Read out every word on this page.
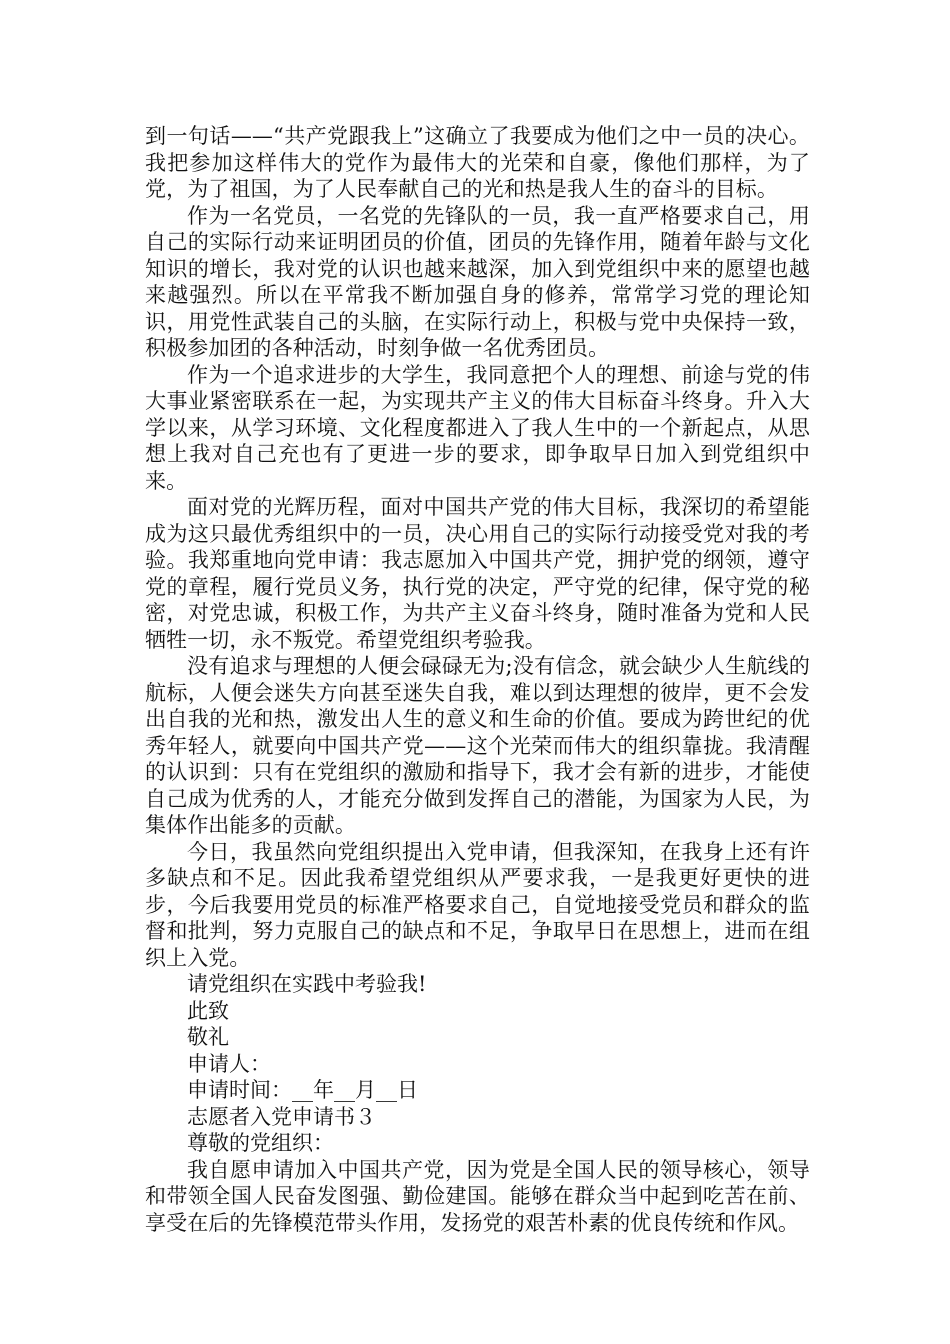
到一句话——“共产党跟我上”这确立了我要成为他们之中一员的决心。我把参加这样伟大的党作为最伟大的光荣和自豪，像他们那样，为了党，为了祖国，为了人民奉献自己的光和热是我人生的奋斗的目标。

作为一名党员，一名党的先锋队的一员，我一直严格要求自己，用自己的实际行动来证明团员的价值，团员的先锋作用，随着年龄与文化知识的增长，我对党的认识也越来越深，加入到党组织中来的愿望也越来越强烈。所以在平常我不断加强自身的修养，常常学习党的理论知识，用党性武装自己的头脑，在实际行动上，积极与党中央保持一致，积极参加团的各种活动，时刻争做一名优秀团员。

作为一个追求进步的大学生，我同意把个人的理想、前途与党的伟大事业紧密联系在一起，为实现共产主义的伟大目标奋斗终身。升入大学以来，从学习环境、文化程度都进入了我人生中的一个新起点，从思想上我对自己充也有了更进一步的要求，即争取早日加入到党组织中来。

面对党的光辉历程，面对中国共产党的伟大目标，我深切的希望能成为这只最优秀组织中的一员，决心用自己的实际行动接受党对我的考验。我郑重地向党申请：我志愿加入中国共产党，拥护党的纲领，遵守党的章程，履行党员义务，执行党的决定，严守党的纪律，保守党的秘密，对党忠诚，积极工作，为共产主义奋斗终身，随时准备为党和人民牺牲一切，永不叛党。希望党组织考验我。

没有追求与理想的人便会碌碌无为;没有信念，就会缺少人生航线的航标，人便会迷失方向甚至迷失自我，难以到达理想的彼岸，更不会发出自我的光和热，激发出人生的意义和生命的价值。要成为跨世纪的优秀年轻人，就要向中国共产党——这个光荣而伟大的组织靠拢。我清醒的认识到：只有在党组织的激励和指导下，我才会有新的进步，才能使自己成为优秀的人，才能充分做到发挥自己的潜能，为国家为人民，为集体作出能多的贡献。

今日，我虽然向党组织提出入党申请，但我深知，在我身上还有许多缺点和不足。因此我希望党组织从严要求我，一是我更好更快的进步，今后我要用党员的标准严格要求自己，自觉地接受党员和群众的监督和批判，努力克服自己的缺点和不足，争取早日在思想上，进而在组织上入党。

请党组织在实践中考验我!

此致

敬礼

申请人：

申请时间：__年__月__日

志愿者入党申请书３

尊敬的党组织：

我自愿申请加入中国共产党，因为党是全国人民的领导核心，领导和带领全国人民奋发图强、勤俭建国。能够在群众当中起到吃苦在前、享受在后的先锋模范带头作用，发扬党的艰苦朴素的优良传统和作风。
